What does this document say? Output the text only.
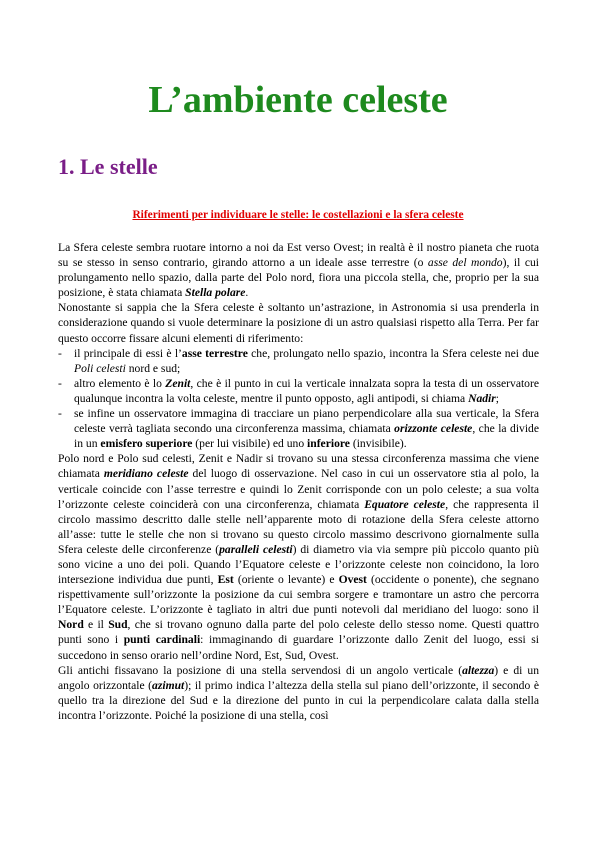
L’ambiente celeste
1. Le stelle
Riferimenti per individuare le stelle: le costellazioni e la sfera celeste

La Sfera celeste sembra ruotare intorno a noi da Est verso Ovest; in realtà è il nostro pianeta che ruota su se stesso in senso contrario, girando attorno a un ideale asse terrestre (o asse del mondo), il cui prolungamento nello spazio, dalla parte del Polo nord, fiora una piccola stella, che, proprio per la sua posizione, è stata chiamata Stella polare.

Nonostante si sappia che la Sfera celeste è soltanto un’astrazione, in Astronomia si usa prenderla in considerazione quando si vuole determinare la posizione di un astro qualsiasi rispetto alla Terra. Per far questo occorre fissare alcuni elementi di riferimento:

- il principale di essi è l’asse terrestre che, prolungato nello spazio, incontra la Sfera celeste nei due Poli celesti nord e sud;
- altro elemento è lo Zenit, che è il punto in cui la verticale innalzata sopra la testa di un osservatore qualunque incontra la volta celeste, mentre il punto opposto, agli antipodi, si chiama Nadir;
- se infine un osservatore immagina di tracciare un piano perpendicolare alla sua verticale, la Sfera celeste verrà tagliata secondo una circonferenza massima, chiamata orizzonte celeste, che la divide in un emisfero superiore (per lui visibile) ed uno inferiore (invisibile).

Polo nord e Polo sud celesti, Zenit e Nadir si trovano su una stessa circonferenza massima che viene chiamata meridiano celeste del luogo di osservazione. Nel caso in cui un osservatore stia al polo, la verticale coincide con l’asse terrestre e quindi lo Zenit corrisponde con un polo celeste; a sua volta l’orizzonte celeste coinciderà con una circonferenza, chiamata Equatore celeste, che rappresenta il circolo massimo descritto dalle stelle nell’apparente moto di rotazione della Sfera celeste attorno all’asse: tutte le stelle che non si trovano su questo circolo massimo descrivono giornalmente sulla Sfera celeste delle circonferenze (paralleli celesti) di diametro via via sempre più piccolo quanto più sono vicine a uno dei poli. Quando l’Equatore celeste e l’orizzonte celeste non coincidono, la loro intersezione individua due punti, Est (oriente o levante) e Ovest (occidente o ponente), che segnano rispettivamente sull’orizzonte la posizione da cui sembra sorgere e tramontare un astro che percorra l’Equatore celeste. L’orizzonte è tagliato in altri due punti notevoli dal meridiano del luogo: sono il Nord e il Sud, che si trovano ognuno dalla parte del polo celeste dello stesso nome. Questi quattro punti sono i punti cardinali: immaginando di guardare l’orizzonte dallo Zenit del luogo, essi si succedono in senso orario nell’ordine Nord, Est, Sud, Ovest.

Gli antichi fissavano la posizione di una stella servendosi di un angolo verticale (altezza) e di un angolo orizzontale (azimut); il primo indica l’altezza della stella sul piano dell’orizzonte, il secondo è quello tra la direzione del Sud e la direzione del punto in cui la perpendicolare calata dalla stella incontra l’orizzonte. Poiché la posizione di una stella, così
